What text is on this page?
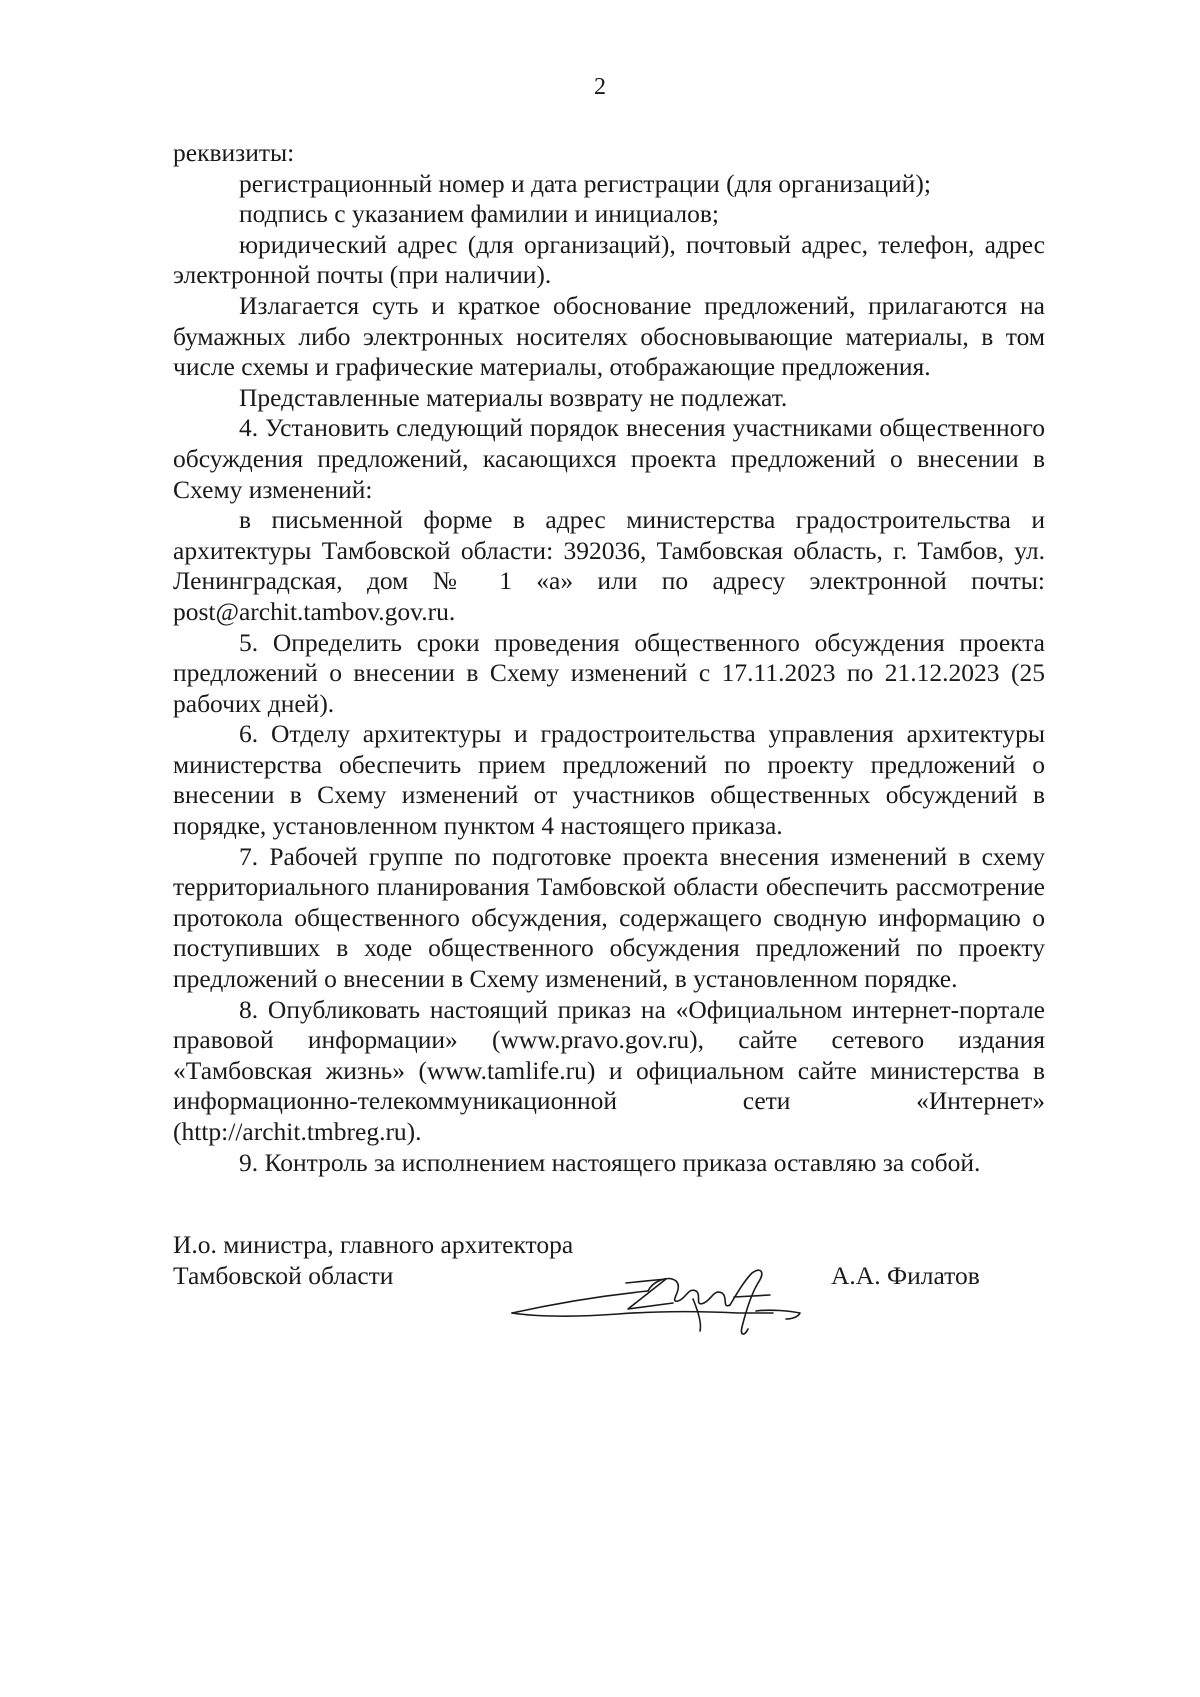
2

реквизиты:

регистрационный номер и дата регистрации (для организаций);

подпись с указанием фамилии и инициалов;

юридический адрес (для организаций), почтовый адрес, телефон, адрес электронной почты (при наличии).

Излагается суть и краткое обоснование предложений, прилагаются на бумажных либо электронных носителях обосновывающие материалы, в том числе схемы и графические материалы, отображающие предложения.

Представленные материалы возврату не подлежат.

4. Установить следующий порядок внесения участниками общественного обсуждения предложений, касающихся проекта предложений о внесении в Схему изменений:

в письменной форме в адрес министерства градостроительства и архитектуры Тамбовской области: 392036, Тамбовская область, г. Тамбов, ул. Ленинградская, дом № 1 «а» или по адресу электронной почты: post@archit.tambov.gov.ru.

5. Определить сроки проведения общественного обсуждения проекта предложений о внесении в Схему изменений с 17.11.2023 по 21.12.2023 (25 рабочих дней).

6. Отделу архитектуры и градостроительства управления архитектуры министерства обеспечить прием предложений по проекту предложений о внесении в Схему изменений от участников общественных обсуждений в порядке, установленном пунктом 4 настоящего приказа.

7. Рабочей группе по подготовке проекта внесения изменений в схему территориального планирования Тамбовской области обеспечить рассмотрение протокола общественного обсуждения, содержащего сводную информацию о поступивших в ходе общественного обсуждения предложений по проекту предложений о внесении в Схему изменений, в установленном порядке.

8. Опубликовать настоящий приказ на «Официальном интернет-портале правовой информации» (www.pravo.gov.ru), сайте сетевого издания «Тамбовская жизнь» (www.tamlife.ru) и официальном сайте министерства в информационно-телекоммуникационной сети «Интернет» (http://archit.tmbreg.ru).

9. Контроль за исполнением настоящего приказа оставляю за собой.

И.о. министра, главного архитектора
Тамбовской области	А.А. Филатов
